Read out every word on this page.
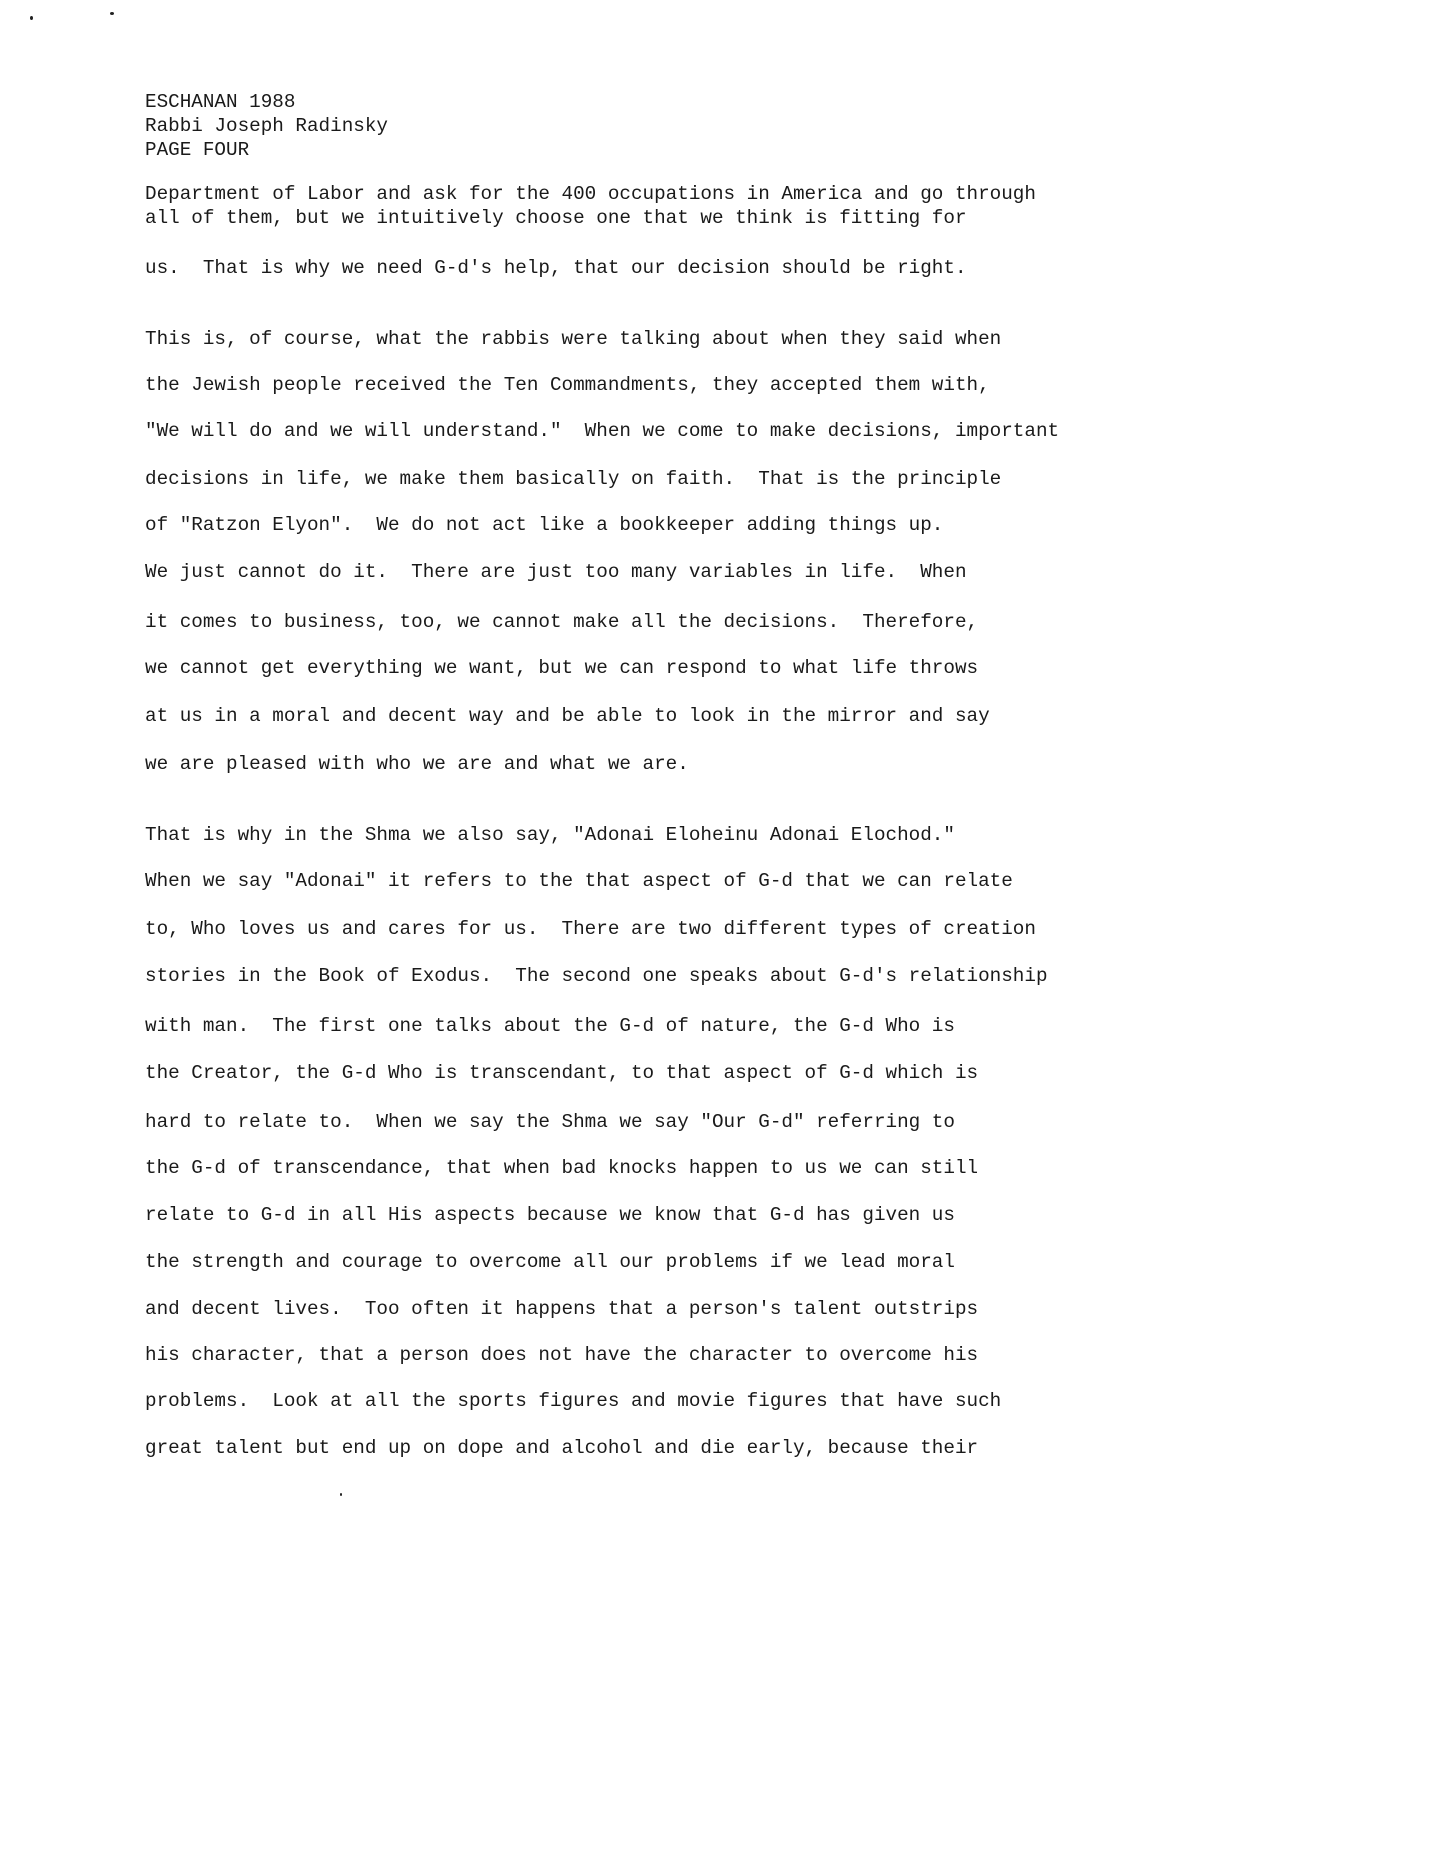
ESCHANAN 1988
Rabbi Joseph Radinsky
PAGE FOUR
Department of Labor and ask for the 400 occupations in America and go through
all of them, but we intuitively choose one that we think is fitting for
us.  That is why we need G-d's help, that our decision should be right.
This is, of course, what the rabbis were talking about when they said when
the Jewish people received the Ten Commandments, they accepted them with,
"We will do and we will understand."  When we come to make decisions, important
decisions in life, we make them basically on faith.  That is the principle
of "Ratzon Elyon".  We do not act like a bookkeeper adding things up.
We just cannot do it.  There are just too many variables in life.  When
it comes to business, too, we cannot make all the decisions.  Therefore,
we cannot get everything we want, but we can respond to what life throws
at us in a moral and decent way and be able to look in the mirror and say
we are pleased with who we are and what we are.
That is why in the Shma we also say, "Adonai Eloheinu Adonai Elochod."
When we say "Adonai" it refers to the that aspect of G-d that we can relate
to, Who loves us and cares for us.  There are two different types of creation
stories in the Book of Exodus.  The second one speaks about G-d's relationship
with man.  The first one talks about the G-d of nature, the G-d Who is
the Creator, the G-d Who is transcendant, to that aspect of G-d which is
hard to relate to.  When we say the Shma we say "Our G-d" referring to
the G-d of transcendance, that when bad knocks happen to us we can still
relate to G-d in all His aspects because we know that G-d has given us
the strength and courage to overcome all our problems if we lead moral
and decent lives.  Too often it happens that a person's talent outstrips
his character, that a person does not have the character to overcome his
problems.  Look at all the sports figures and movie figures that have such
great talent but end up on dope and alcohol and die early, because their
